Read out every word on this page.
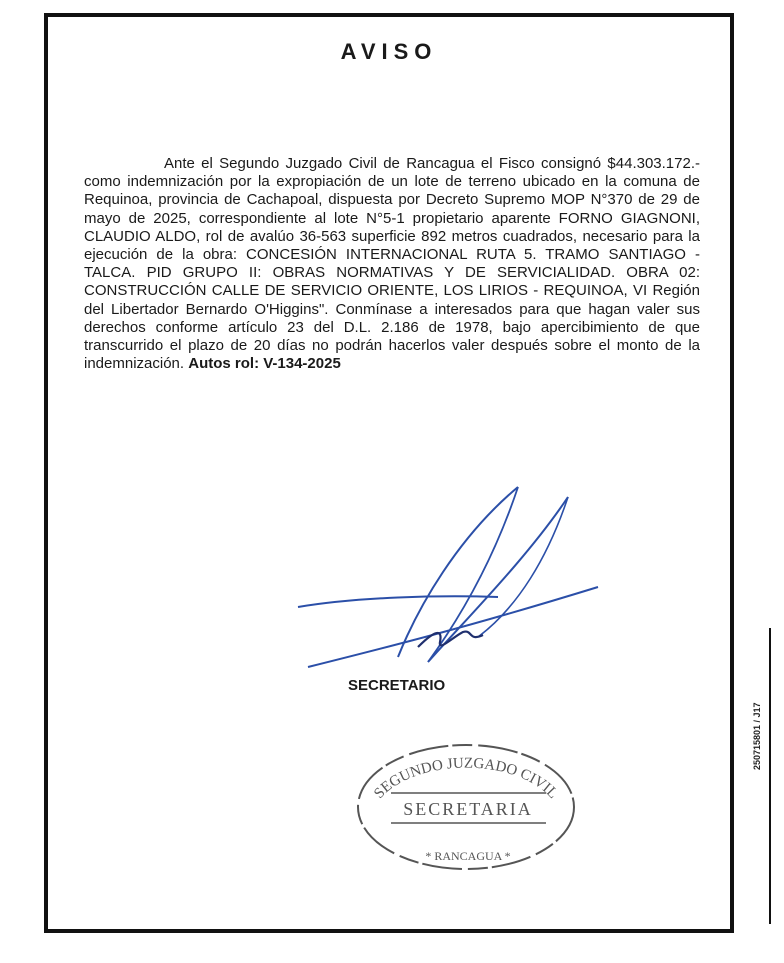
AVISO

Ante el Segundo Juzgado Civil de Rancagua el Fisco consignó $44.303.172.- como indemnización por la expropiación de un lote de terreno ubicado en la comuna de Requinoa, provincia de Cachapoal, dispuesta por Decreto Supremo MOP N°370 de 29 de mayo de 2025, correspondiente al lote N°5-1 propietario aparente FORNO GIAGNONI, CLAUDIO ALDO, rol de avalúo 36-563 superficie 892 metros cuadrados, necesario para la ejecución de la obra: CONCESIÓN INTERNACIONAL RUTA 5. TRAMO SANTIAGO - TALCA. PID GRUPO II: OBRAS NORMATIVAS Y DE SERVICIALIDAD. OBRA 02: CONSTRUCCIÓN CALLE DE SERVICIO ORIENTE, LOS LIRIOS - REQUINOA, VI Región del Libertador Bernardo O'Higgins". Conmínase a interesados para que hagan valer sus derechos conforme artículo 23 del D.L. 2.186 de 1978, bajo apercibimiento de que transcurrido el plazo de 20 días no podrán hacerlos valer después sobre el monto de la indemnización. Autos rol: V-134-2025

SECRETARIO
SEGUNDO JUZGADO CIVIL
SECRETARIA
* RANCAGUA *
250715801 / J17
